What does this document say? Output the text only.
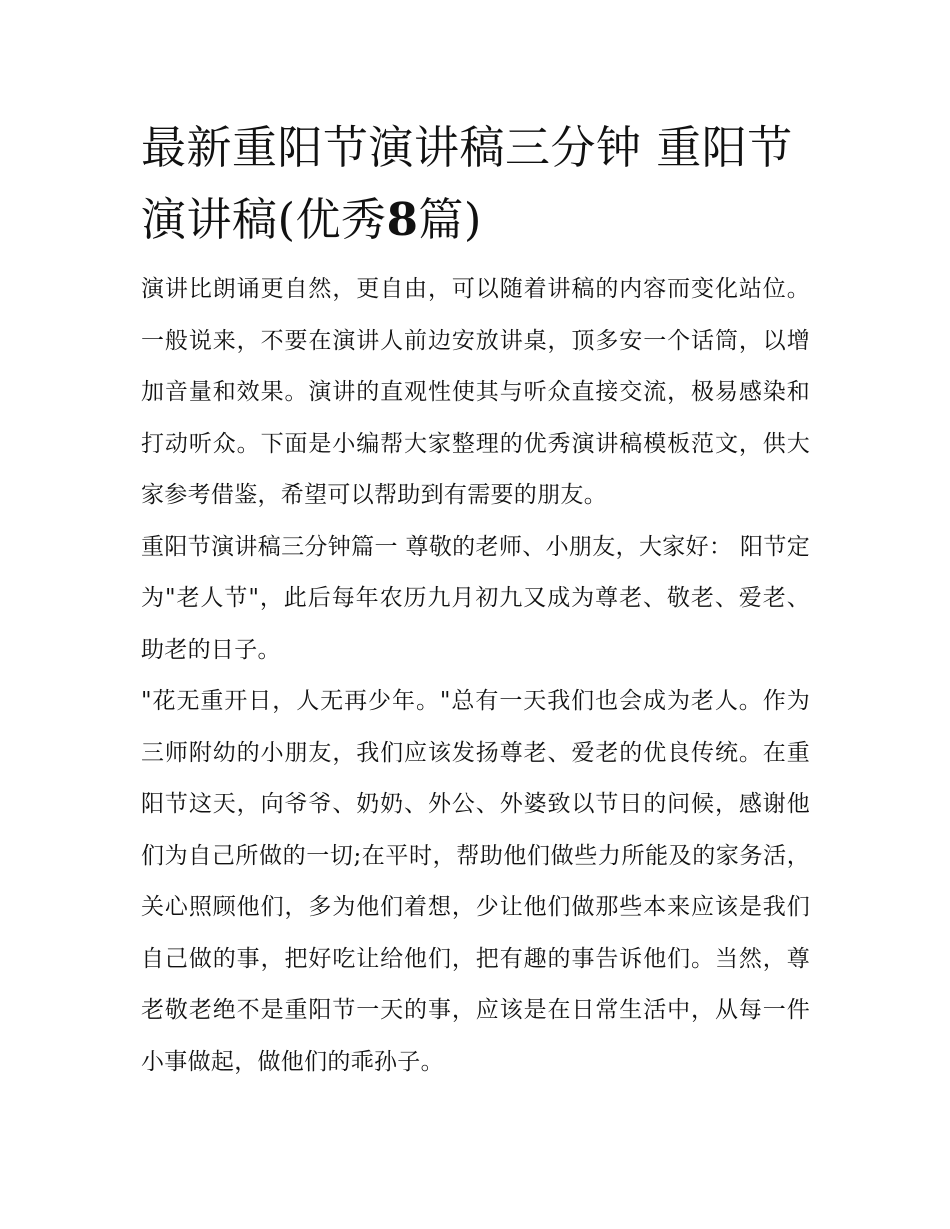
最新重阳节演讲稿三分钟 重阳节演讲稿(优秀8篇)

演讲比朗诵更自然，更自由，可以随着讲稿的内容而变化站位。一般说来，不要在演讲人前边安放讲桌，顶多安一个话筒，以增加音量和效果。演讲的直观性使其与听众直接交流，极易感染和打动听众。下面是小编帮大家整理的优秀演讲稿模板范文，供大家参考借鉴，希望可以帮助到有需要的朋友。

重阳节演讲稿三分钟篇一 尊敬的老师、小朋友，大家好： 阳节定为"老人节"，此后每年农历九月初九又成为尊老、敬老、爱老、助老的日子。

"花无重开日，人无再少年。"总有一天我们也会成为老人。作为三师附幼的小朋友，我们应该发扬尊老、爱老的优良传统。在重阳节这天，向爷爷、奶奶、外公、外婆致以节日的问候，感谢他们为自己所做的一切;在平时，帮助他们做些力所能及的家务活，关心照顾他们，多为他们着想，少让他们做那些本来应该是我们自己做的事，把好吃让给他们，把有趣的事告诉他们。当然，尊老敬老绝不是重阳节一天的事，应该是在日常生活中，从每一件小事做起，做他们的乖孙子。
